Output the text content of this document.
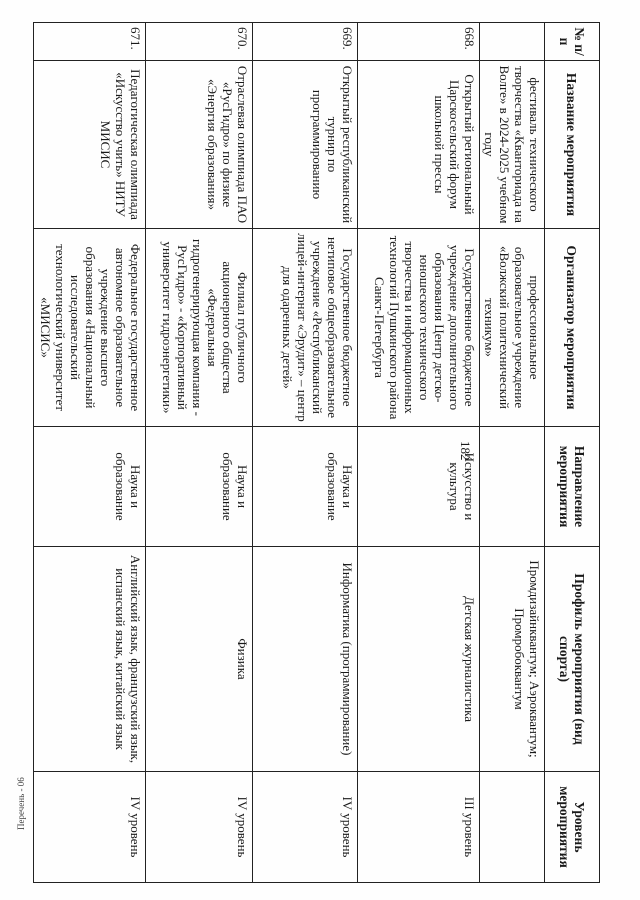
182
№ п/п	Название мероприятия	Организатор мероприятия	Направление мероприятия	Профиль мероприятия (вид спорта)	Уровень мероприятия
	фестиваль технического творчества «Кванториада на Волге» в 2024-2025 учебном году	профессиональное образовательное учреждение «Волжский политехнический техникум»		Промдизайнквантум; Аэроквантум; Промробоквантум	
668.	Открытый региональный Царскосельский форум школьной прессы	Государственное бюджетное учреждение дополнительного образования Центр детско-юношеского технического творчества и информационных технологий Пушкинского района Санкт-Петербурга	Искусство и культура	Детская журналистика	III уровень
669.	Открытый республиканский турнир по программированию	Государственное бюджетное нетиповое общеобразовательное учреждение «Республиканский лицей-интернат «Эрудит» – центр для одаренных детей»	Наука и образование	Информатика (программирование)	IV уровень
670.	Отраслевая олимпиада ПАО «РусГидро» по физике «Энергия образования»	Филиал публичного акционерного общества «Федеральная гидрогенерирующая компания - РусГидро» - «Корпоративный университет гидроэнергетики»	Наука и образование	Физика	IV уровень
671.	Педагогическая олимпиада «Искусство учить» НИТУ МИСИС	Федеральное государственное автономное образовательное учреждение высшего образования «Национальный исследовательский технологический университет «МИСИС»	Наука и образование	Английский язык, французский язык, испанский язык, китайский язык	IV уровень
Перечень - 06
